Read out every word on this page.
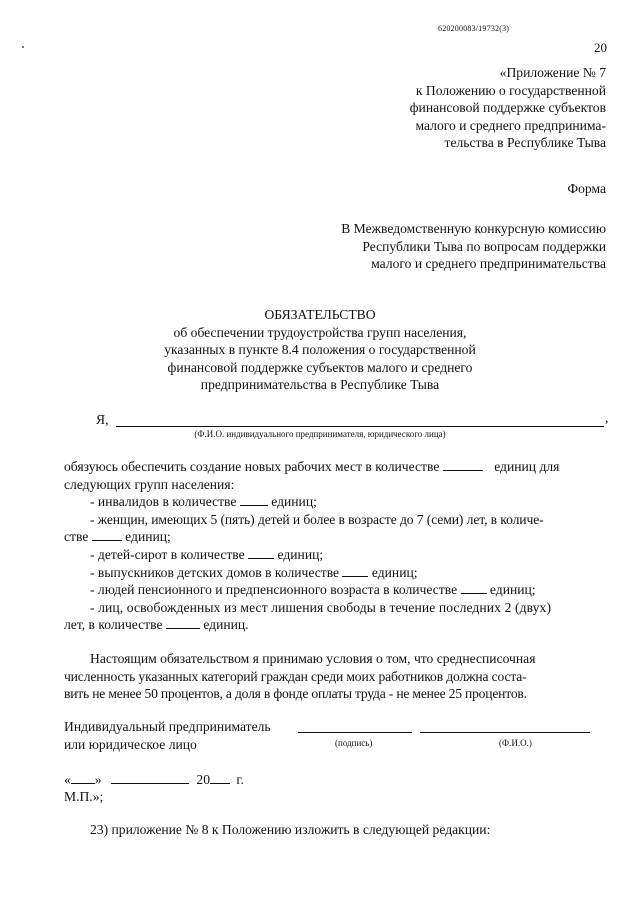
620200083/19732(3)
20
«Приложение № 7
к Положению о государственной
финансовой поддержке субъектов
малого и среднего предпринима-
тельства в Республике Тыва
Форма
В Межведомственную конкурсную комиссию
Республики Тыва по вопросам поддержки
малого и среднего предпринимательства
ОБЯЗАТЕЛЬСТВО
об обеспечении трудоустройства групп населения,
указанных в пункте 8.4 положения о государственной
финансовой поддержке субъектов малого и среднего
предпринимательства в Республике Тыва
Я,	,
(Ф.И.О. индивидуального предпринимателя, юридического лица)
обязуюсь обеспечить создание новых рабочих мест в количестве	единиц для
следующих групп населения:
- инвалидов в количестве	единиц;
- женщин, имеющих 5 (пять) детей и более в возрасте до 7 (семи) лет, в количе-
стве	единиц;
- детей-сирот в количестве единиц;
- выпускников детских домов в количестве единиц;
- людей пенсионного и предпенсионного возраста в количестве единиц;
- лиц, освобожденных из мест лишения свободы в течение последних 2 (двух)
лет, в количестве	единиц.
Настоящим обязательством я принимаю условия о том, что среднесписочная
численность указанных категорий граждан среди моих работников должна соста-
вить не менее 50 процентов, а доля в фонде оплаты труда - не менее 25 процентов.
Индивидуальный предприниматель
или юридическое лицо	(подпись)	(Ф.И.О.)
« »	20 г.
М.П.»;
23) приложение № 8 к Положению изложить в следующей редакции:
